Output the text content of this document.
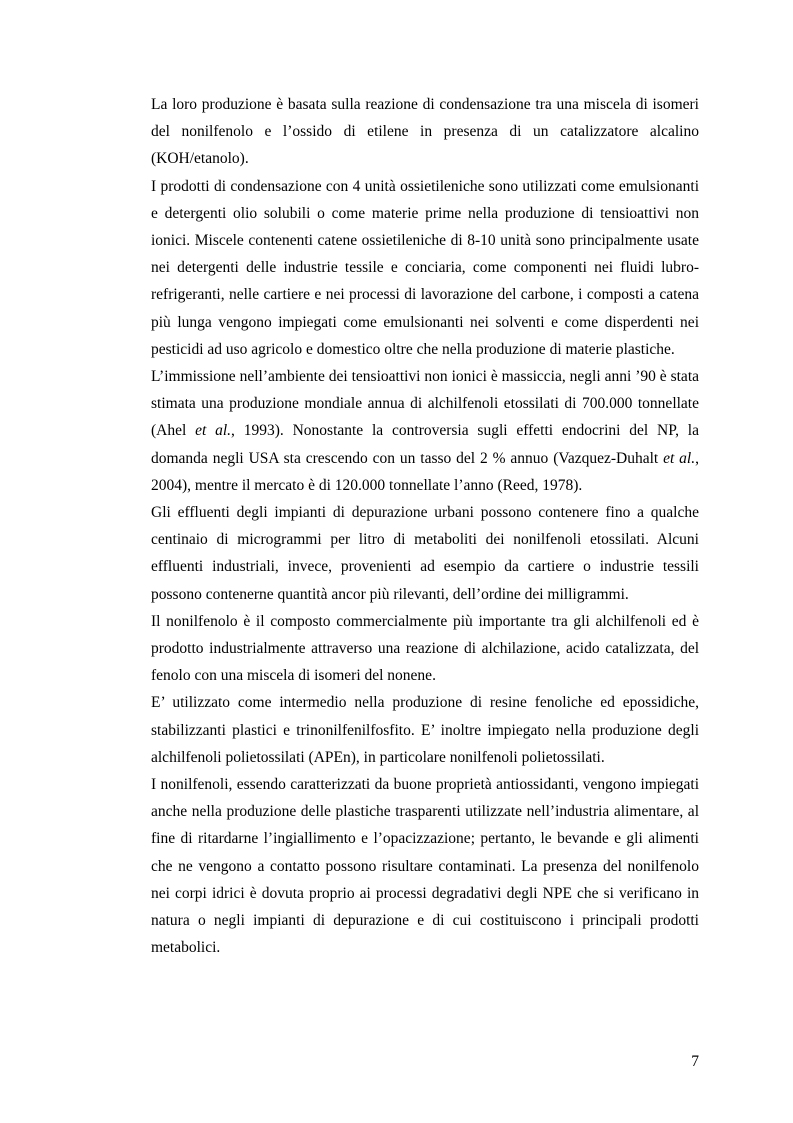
La loro produzione è basata sulla reazione di condensazione tra una miscela di isomeri del nonilfenolo e l’ossido di etilene in presenza di un catalizzatore alcalino (KOH/etanolo).

I prodotti di condensazione con 4 unità ossietileniche sono utilizzati come emulsionanti e detergenti olio solubili o come materie prime nella produzione di tensioattivi non ionici. Miscele contenenti catene ossietileniche di 8-10 unità sono principalmente usate nei detergenti delle industrie tessile e conciaria, come componenti nei fluidi lubro-refrigeranti, nelle cartiere e nei processi di lavorazione del carbone, i composti a catena più lunga vengono impiegati come emulsionanti nei solventi e come disperdenti nei pesticidi ad uso agricolo e domestico oltre che nella produzione di materie plastiche.

L’immissione nell’ambiente dei tensioattivi non ionici è massiccia, negli anni ’90 è stata stimata una produzione mondiale annua di alchilfenoli etossilati di 700.000 tonnellate (Ahel et al., 1993). Nonostante la controversia sugli effetti endocrini del NP, la domanda negli USA sta crescendo con un tasso del 2 % annuo (Vazquez-Duhalt et al., 2004), mentre il mercato è di 120.000 tonnellate l’anno (Reed, 1978).

Gli effluenti degli impianti di depurazione urbani possono contenere fino a qualche centinaio di microgrammi per litro di metaboliti dei nonilfenoli etossilati. Alcuni effluenti industriali, invece, provenienti ad esempio da cartiere o industrie tessili possono contenerne quantità ancor più rilevanti, dell’ordine dei milligrammi.

Il nonilfenolo è il composto commercialmente più importante tra gli alchilfenoli ed è prodotto industrialmente attraverso una reazione di alchilazione, acido catalizzata, del fenolo con una miscela di isomeri del nonene.

E’ utilizzato come intermedio nella produzione di resine fenoliche ed epossidiche, stabilizzanti plastici e trinonilfenilfosfito. E’ inoltre impiegato nella produzione degli alchilfenoli polietossilati (APEn), in particolare nonilfenoli polietossilati.

I nonilfenoli, essendo caratterizzati da buone proprietà antiossidanti, vengono impiegati anche nella produzione delle plastiche trasparenti utilizzate nell’industria alimentare, al fine di ritardarne l’ingiallimento e l’opacizzazione; pertanto, le bevande e gli alimenti che ne vengono a contatto possono risultare contaminati. La presenza del nonilfenolo nei corpi idrici è dovuta proprio ai processi degradativi degli NPE che si verificano in natura o negli impianti di depurazione e di cui costituiscono i principali prodotti metabolici.

7
